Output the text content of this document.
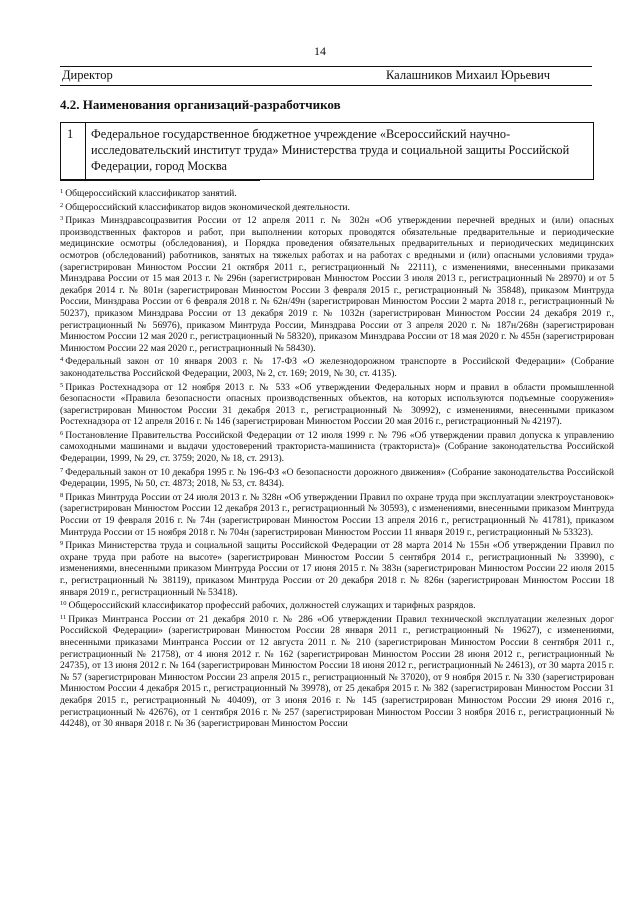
14
Директор	Калашников Михаил Юрьевич
4.2. Наименования организаций-разработчиков
1 Федеральное государственное бюджетное учреждение «Всероссийский научно-исследовательский институт труда» Министерства труда и социальной защиты Российской Федерации, город Москва

$^1$ Общероссийский классификатор занятий.

$^2$ Общероссийский классификатор видов экономической деятельности.

$^3$ Приказ Минздравсоцразвития России от 12 апреля 2011 г. № 302н «Об утверждении перечней вредных и (или) опасных производственных факторов и работ, при выполнении которых проводятся обязательные предварительные и периодические медицинские осмотры (обследования), и Порядка проведения обязательных предварительных и периодических медицинских осмотров (обследований) работников, занятых на тяжелых работах и на работах с вредными и (или) опасными условиями труда» (зарегистрирован Минюстом России 21 октября 2011 г., регистрационный № 22111), с изменениями, внесенными приказами Минздрава России от 15 мая 2013 г. № 296н (зарегистрирован Минюстом России 3 июля 2013 г., регистрационный № 28970) и от 5 декабря 2014 г. № 801н (зарегистрирован Минюстом России 3 февраля 2015 г., регистрационный № 35848), приказом Минтруда России, Минздрава России от 6 февраля 2018 г. № 62н/49н (зарегистрирован Минюстом России 2 марта 2018 г., регистрационный № 50237), приказом Минздрава России от 13 декабря 2019 г. № 1032н (зарегистрирован Минюстом России 24 декабря 2019 г., регистрационный № 56976), приказом Минтруда России, Минздрава России от 3 апреля 2020 г. № 187н/268н (зарегистрирован Минюстом России 12 мая 2020 г., регистрационный № 58320), приказом Минздрава России от 18 мая 2020 г. № 455н (зарегистрирован Минюстом России 22 мая 2020 г., регистрационный № 58430).

$^4$ Федеральный закон от 10 января 2003 г. № 17-ФЗ «О железнодорожном транспорте в Российской Федерации» (Собрание законодательства Российской Федерации, 2003, № 2, ст. 169; 2019, № 30, ст. 4135).

$^5$ Приказ Ростехнадзора от 12 ноября 2013 г. № 533 «Об утверждении Федеральных норм и правил в области промышленной безопасности «Правила безопасности опасных производственных объектов, на которых используются подъемные сооружения» (зарегистрирован Минюстом России 31 декабря 2013 г., регистрационный № 30992), с изменениями, внесенными приказом Ростехнадзора от 12 апреля 2016 г. № 146 (зарегистрирован Минюстом России 20 мая 2016 г., регистрационный № 42197).

$^6$ Постановление Правительства Российской Федерации от 12 июля 1999 г. № 796 «Об утверждении правил допуска к управлению самоходными машинами и выдачи удостоверений тракториста-машиниста (тракториста)» (Собрание законодательства Российской Федерации, 1999, № 29, ст. 3759; 2020, № 18, ст. 2913).

$^7$ Федеральный закон от 10 декабря 1995 г. № 196-ФЗ «О безопасности дорожного движения» (Собрание законодательства Российской Федерации, 1995, № 50, ст. 4873; 2018, № 53, ст. 8434).

$^8$ Приказ Минтруда России от 24 июля 2013 г. № 328н «Об утверждении Правил по охране труда при эксплуатации электроустановок» (зарегистрирован Минюстом России 12 декабря 2013 г., регистрационный № 30593), с изменениями, внесенными приказом Минтруда России от 19 февраля 2016 г. № 74н (зарегистрирован Минюстом России 13 апреля 2016 г., регистрационный № 41781), приказом Минтруда России от 15 ноября 2018 г. № 704н (зарегистрирован Минюстом России 11 января 2019 г., регистрационный № 53323).

$^9$ Приказ Министерства труда и социальной защиты Российской Федерации от 28 марта 2014 № 155н «Об утверждении Правил по охране труда при работе на высоте» (зарегистрирован Минюстом России 5 сентября 2014 г., регистрационный № 33990), с изменениями, внесенными приказом Минтруда России от 17 июня 2015 г. № 383н (зарегистрирован Минюстом России 22 июля 2015 г., регистрационный № 38119), приказом Минтруда России от 20 декабря 2018 г. № 826н (зарегистрирован Минюстом России 18 января 2019 г., регистрационный № 53418).

$^{10}$ Общероссийский классификатор профессий рабочих, должностей служащих и тарифных разрядов.

$^{11}$ Приказ Минтранса России от 21 декабря 2010 г. № 286 «Об утверждении Правил технической эксплуатации железных дорог Российской Федерации» (зарегистрирован Минюстом России 28 января 2011 г., регистрационный № 19627), с изменениями, внесенными приказами Минтранса России от 12 августа 2011 г. № 210 (зарегистрирован Минюстом России 8 сентября 2011 г., регистрационный № 21758), от 4 июня 2012 г. № 162 (зарегистрирован Минюстом России 28 июня 2012 г., регистрационный № 24735), от 13 июня 2012 г. № 164 (зарегистрирован Минюстом России 18 июня 2012 г., регистрационный № 24613), от 30 марта 2015 г. № 57 (зарегистрирован Минюстом России 23 апреля 2015 г., регистрационный № 37020), от 9 ноября 2015 г. № 330 (зарегистрирован Минюстом России 4 декабря 2015 г., регистрационный № 39978), от 25 декабря 2015 г. № 382 (зарегистрирован Минюстом России 31 декабря 2015 г., регистрационный № 40409), от 3 июня 2016 г. № 145 (зарегистрирован Минюстом России 29 июня 2016 г., регистрационный № 42676), от 1 сентября 2016 г. № 257 (зарегистрирован Минюстом России 3 ноября 2016 г., регистрационный № 44248), от 30 января 2018 г. № 36 (зарегистрирован Минюстом России
